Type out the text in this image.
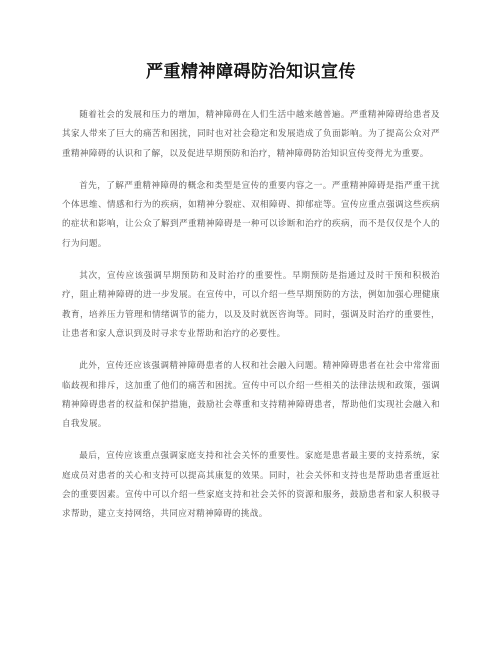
严重精神障碍防治知识宣传

随着社会的发展和压力的增加，精神障碍在人们生活中越来越普遍。严重精神障碍给患者及其家人带来了巨大的痛苦和困扰，同时也对社会稳定和发展造成了负面影响。为了提高公众对严重精神障碍的认识和了解，以及促进早期预防和治疗，精神障碍防治知识宣传变得尤为重要。

首先，了解严重精神障碍的概念和类型是宣传的重要内容之一。严重精神障碍是指严重干扰个体思维、情感和行为的疾病，如精神分裂症、双相障碍、抑郁症等。宣传应重点强调这些疾病的症状和影响，让公众了解到严重精神障碍是一种可以诊断和治疗的疾病，而不是仅仅是个人的行为问题。

其次，宣传应该强调早期预防和及时治疗的重要性。早期预防是指通过及时干预和积极治疗，阻止精神障碍的进一步发展。在宣传中，可以介绍一些早期预防的方法，例如加强心理健康教育，培养压力管理和情绪调节的能力，以及及时就医咨询等。同时，强调及时治疗的重要性，让患者和家人意识到及时寻求专业帮助和治疗的必要性。

此外，宣传还应该强调精神障碍患者的人权和社会融入问题。精神障碍患者在社会中常常面临歧视和排斥，这加重了他们的痛苦和困扰。宣传中可以介绍一些相关的法律法规和政策，强调精神障碍患者的权益和保护措施，鼓励社会尊重和支持精神障碍患者，帮助他们实现社会融入和自我发展。

最后，宣传应该重点强调家庭支持和社会关怀的重要性。家庭是患者最主要的支持系统，家庭成员对患者的关心和支持可以提高其康复的效果。同时，社会关怀和支持也是帮助患者重返社会的重要因素。宣传中可以介绍一些家庭支持和社会关怀的资源和服务，鼓励患者和家人积极寻求帮助，建立支持网络，共同应对精神障碍的挑战。
